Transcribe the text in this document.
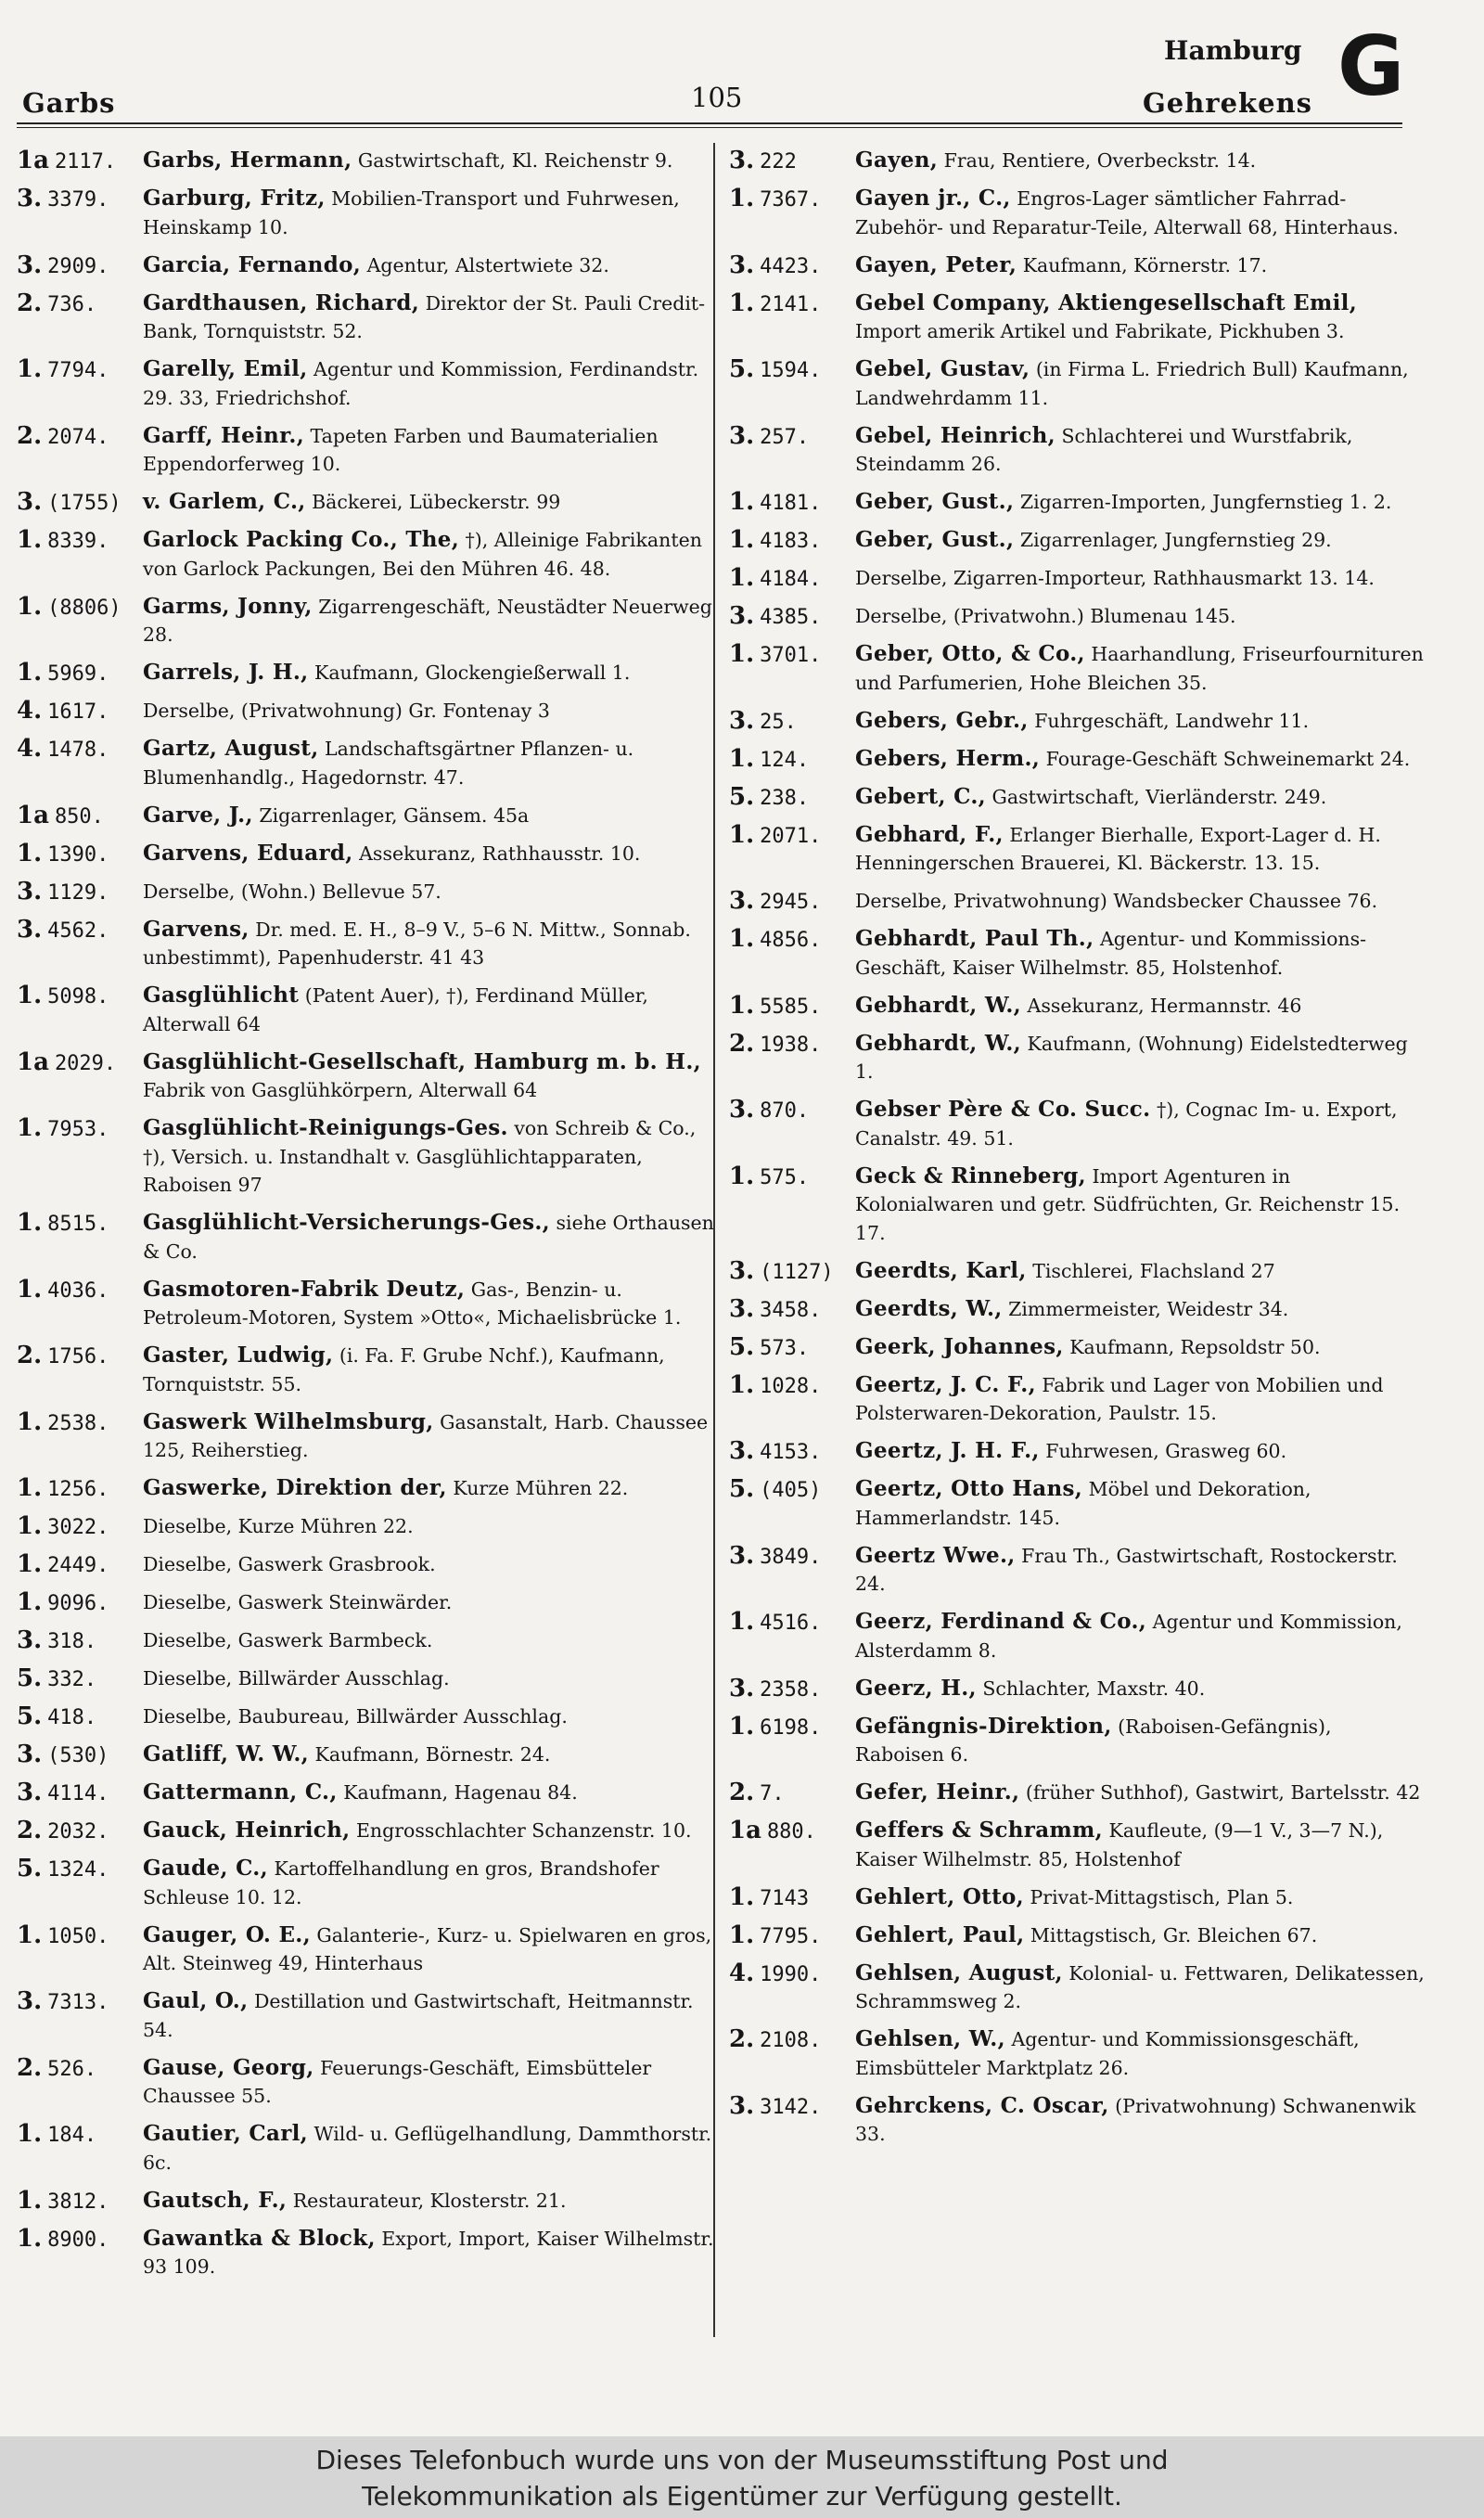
Garbs	105
Hamburg
Gehrekens G
1a 2117.	Garbs, Hermann, Gastwirtschaft, Kl. Reichenstr 9.
3. 3379.	Garburg, Fritz, Mobilien-Transport und Fuhrwesen, Heinskamp 10.
3. 2909.	Garcia, Fernando, Agentur, Alstertwiete 32.
2. 736.	Gardthausen, Richard, Direktor der St. Pauli Credit-Bank, Tornquiststr. 52.
1. 7794.	Garelly, Emil, Agentur und Kommission, Ferdinandstr. 29. 33, Friedrichshof.
2. 2074.	Garff, Heinr., Tapeten Farben und Baumaterialien Eppendorferweg 10.
3. (1755)	v. Garlem, C., Bäckerei, Lübeckerstr. 99
1. 8339.	Garlock Packing Co., The, †), Alleinige Fabrikanten von Garlock Packungen, Bei den Mühren 46. 48.
1. (8806)	Garms, Jonny, Zigarrengeschäft, Neustädter Neuerweg 28.
1. 5969.	Garrels, J. H., Kaufmann, Glockengießerwall 1.
4. 1617.	Derselbe, (Privatwohnung) Gr. Fontenay 3
4. 1478.	Gartz, August, Landschaftsgärtner Pflanzen- u. Blumenhandlg., Hagedornstr. 47.
1a 850.	Garve, J., Zigarrenlager, Gänsem. 45a
1. 1390.	Garvens, Eduard, Assekuranz, Rathhausstr. 10.
3. 1129.	Derselbe, (Wohn.) Bellevue 57.
3. 4562.	Garvens, Dr. med. E. H., 8–9 V., 5–6 N. Mittw., Sonnab. unbestimmt), Papenhuderstr. 41 43
1. 5098.	Gasglühlicht (Patent Auer), †), Ferdinand Müller, Alterwall 64
1a 2029.	Gasglühlicht-Gesellschaft, Hamburg m. b. H., Fabrik von Gasglühkörpern, Alterwall 64
1. 7953.	Gasglühlicht-Reinigungs-Ges. von Schreib & Co., †), Versich. u. Instandhalt v. Gasglühlichtapparaten, Raboisen 97
1. 8515.	Gasglühlicht-Versicherungs-Ges., siehe Orthausen & Co.
1. 4036.	Gasmotoren-Fabrik Deutz, Gas-, Benzin- u. Petroleum-Motoren, System »Otto«, Michaelisbrücke 1.
2. 1756.	Gaster, Ludwig, (i. Fa. F. Grube Nchf.), Kaufmann, Tornquiststr. 55.
1. 2538.	Gaswerk Wilhelmsburg, Gasanstalt, Harb. Chaussee 125, Reiherstieg.
1. 1256.	Gaswerke, Direktion der, Kurze Mühren 22.
1. 3022.	Dieselbe, Kurze Mühren 22.
1. 2449.	Dieselbe, Gaswerk Grasbrook.
1. 9096.	Dieselbe, Gaswerk Steinwärder.
3. 318.	Dieselbe, Gaswerk Barmbeck.
5. 332.	Dieselbe, Billwärder Ausschlag.
5. 418.	Dieselbe, Baubureau, Billwärder Ausschlag.
3. (530)	Gatliff, W. W., Kaufmann, Börnestr. 24.
3. 4114.	Gattermann, C., Kaufmann, Hagenau 84.
2. 2032.	Gauck, Heinrich, Engrosschlachter Schanzenstr. 10.
5. 1324.	Gaude, C., Kartoffelhandlung en gros, Brandshofer Schleuse 10. 12.
1. 1050.	Gauger, O. E., Galanterie-, Kurz- u. Spielwaren en gros, Alt. Steinweg 49, Hinterhaus
3. 7313.	Gaul, O., Destillation und Gastwirtschaft, Heitmannstr. 54.
2. 526.	Gause, Georg, Feuerungs-Geschäft, Eimsbütteler Chaussee 55.
1. 184.	Gautier, Carl, Wild- u. Geflügelhandlung, Dammthorstr. 6c.
1. 3812.	Gautsch, F., Restaurateur, Klosterstr. 21.
1. 8900.	Gawantka & Block, Export, Import, Kaiser Wilhelmstr. 93 109.
3. 222	Gayen, Frau, Rentiere, Overbeckstr. 14.
1. 7367.	Gayen jr., C., Engros-Lager sämtlicher Fahrrad-Zubehör- und Reparatur-Teile, Alterwall 68, Hinterhaus.
3. 4423.	Gayen, Peter, Kaufmann, Körnerstr. 17.
1. 2141.	Gebel Company, Aktiengesellschaft Emil, Import amerik Artikel und Fabrikate, Pickhuben 3.
5. 1594.	Gebel, Gustav, (in Firma L. Friedrich Bull) Kaufmann, Landwehrdamm 11.
3. 257.	Gebel, Heinrich, Schlachterei und Wurstfabrik, Steindamm 26.
1. 4181.	Geber, Gust., Zigarren-Importen, Jungfernstieg 1. 2.
1. 4183.	Geber, Gust., Zigarrenlager, Jungfernstieg 29.
1. 4184.	Derselbe, Zigarren-Importeur, Rathhausmarkt 13. 14.
3. 4385.	Derselbe, (Privatwohn.) Blumenau 145.
1. 3701.	Geber, Otto, & Co., Haarhandlung, Friseurfournituren und Parfumerien, Hohe Bleichen 35.
3. 25.	Gebers, Gebr., Fuhrgeschäft, Landwehr 11.
1. 124.	Gebers, Herm., Fourage-Geschäft Schweinemarkt 24.
5. 238.	Gebert, C., Gastwirtschaft, Vierländerstr. 249.
1. 2071.	Gebhard, F., Erlanger Bierhalle, Export-Lager d. H. Henningerschen Brauerei, Kl. Bäckerstr. 13. 15.
3. 2945.	Derselbe, Privatwohnung) Wandsbecker Chaussee 76.
1. 4856.	Gebhardt, Paul Th., Agentur- und Kommissions-Geschäft, Kaiser Wilhelmstr. 85, Holstenhof.
1. 5585.	Gebhardt, W., Assekuranz, Hermannstr. 46
2. 1938.	Gebhardt, W., Kaufmann, (Wohnung) Eidelstedterweg 1.
3. 870.	Gebser Père & Co. Succ. †), Cognac Im- u. Export, Canalstr. 49. 51.
1. 575.	Geck & Rinneberg, Import Agenturen in Kolonialwaren und getr. Südfrüchten, Gr. Reichenstr 15. 17.
3. (1127)	Geerdts, Karl, Tischlerei, Flachsland 27
3. 3458.	Geerdts, W., Zimmermeister, Weidestr 34.
5. 573.	Geerk, Johannes, Kaufmann, Repsoldstr 50.
1. 1028.	Geertz, J. C. F., Fabrik und Lager von Mobilien und Polsterwaren-Dekoration, Paulstr. 15.
3. 4153.	Geertz, J. H. F., Fuhrwesen, Grasweg 60.
5. (405)	Geertz, Otto Hans, Möbel und Dekoration, Hammerlandstr. 145.
3. 3849.	Geertz Wwe., Frau Th., Gastwirtschaft, Rostockerstr. 24.
1. 4516.	Geerz, Ferdinand & Co., Agentur und Kommission, Alsterdamm 8.
3. 2358.	Geerz, H., Schlachter, Maxstr. 40.
1. 6198.	Gefängnis-Direktion, (Raboisen-Gefängnis), Raboisen 6.
2. 7.	Gefer, Heinr., (früher Suthhof), Gastwirt, Bartelsstr. 42
1a 880.	Geffers & Schramm, Kaufleute, (9—1 V., 3—7 N.), Kaiser Wilhelmstr. 85, Holstenhof
1. 7143	Gehlert, Otto, Privat-Mittagstisch, Plan 5.
1. 7795.	Gehlert, Paul, Mittagstisch, Gr. Bleichen 67.
4. 1990.	Gehlsen, August, Kolonial- u. Fettwaren, Delikatessen, Schrammsweg 2.
2. 2108.	Gehlsen, W., Agentur- und Kommissionsgeschäft, Eimsbütteler Marktplatz 26.
3. 3142.	Gehrckens, C. Oscar, (Privatwohnung) Schwanenwik 33.
Dieses Telefonbuch wurde uns von der Museumsstiftung Post und
Telekommunikation als Eigentümer zur Verfügung gestellt.
